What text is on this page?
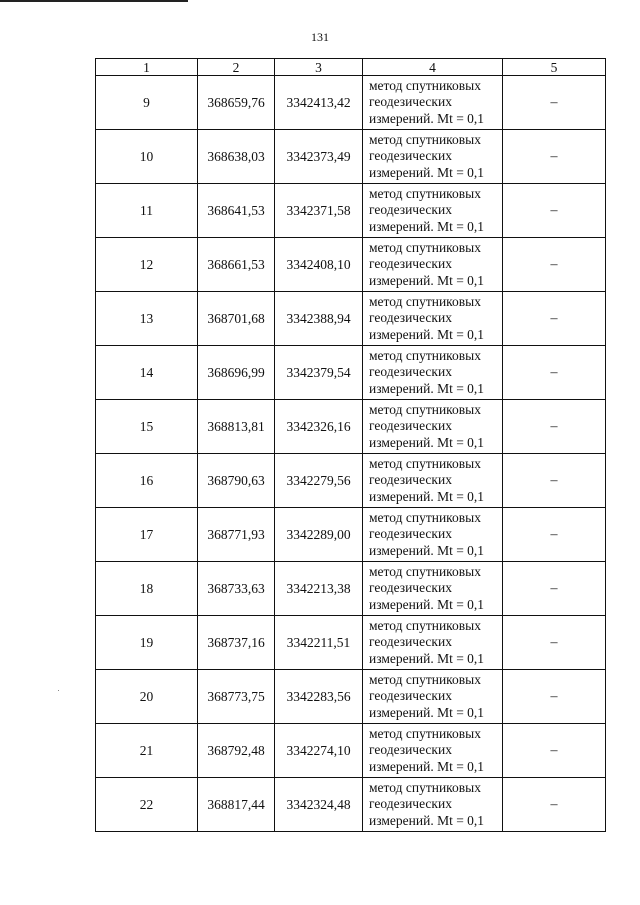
131
1	2	3	4	5
9	368659,76	3342413,42	метод спутниковых
геодезических
измерений. Mt = 0,1	–
10	368638,03	3342373,49	метод спутниковых
геодезических
измерений. Mt = 0,1	–
11	368641,53	3342371,58	метод спутниковых
геодезических
измерений. Mt = 0,1	–
12	368661,53	3342408,10	метод спутниковых
геодезических
измерений. Mt = 0,1	–
13	368701,68	3342388,94	метод спутниковых
геодезических
измерений. Mt = 0,1	–
14	368696,99	3342379,54	метод спутниковых
геодезических
измерений. Mt = 0,1	–
15	368813,81	3342326,16	метод спутниковых
геодезических
измерений. Mt = 0,1	–
16	368790,63	3342279,56	метод спутниковых
геодезических
измерений. Mt = 0,1	–
17	368771,93	3342289,00	метод спутниковых
геодезических
измерений. Mt = 0,1	–
18	368733,63	3342213,38	метод спутниковых
геодезических
измерений. Mt = 0,1	–
19	368737,16	3342211,51	метод спутниковых
геодезических
измерений. Mt = 0,1	–
20	368773,75	3342283,56	метод спутниковых
геодезических
измерений. Mt = 0,1	–
21	368792,48	3342274,10	метод спутниковых
геодезических
измерений. Mt = 0,1	–
22	368817,44	3342324,48	метод спутниковых
геодезических
измерений. Mt = 0,1	–
